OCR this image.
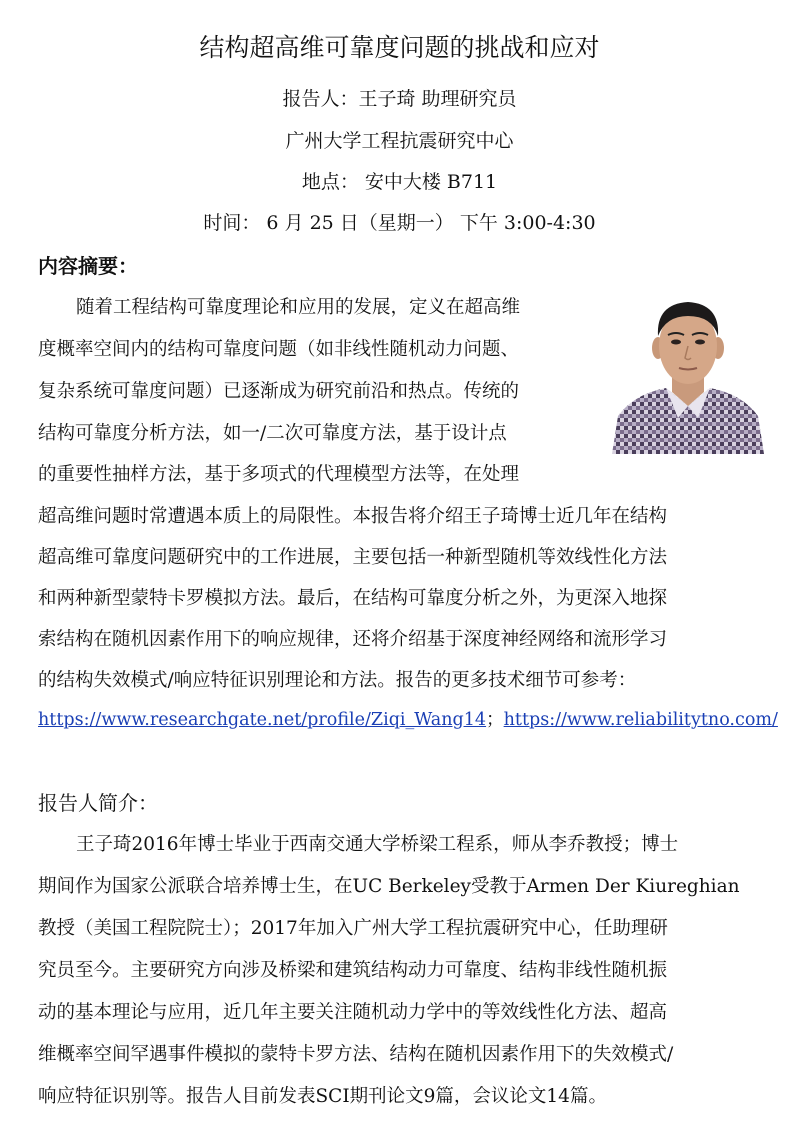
结构超高维可靠度问题的挑战和应对
报告人：王子琦 助理研究员
广州大学工程抗震研究中心
地点： 安中大楼 B711
时间： 6 月 25 日（星期一） 下午 3:00-4:30
内容摘要：
随着工程结构可靠度理论和应用的发展，定义在超高维
度概率空间内的结构可靠度问题（如非线性随机动力问题、
复杂系统可靠度问题）已逐渐成为研究前沿和热点。传统的
结构可靠度分析方法，如一/二次可靠度方法，基于设计点
的重要性抽样方法，基于多项式的代理模型方法等，在处理
超高维问题时常遭遇本质上的局限性。本报告将介绍王子琦博士近几年在结构
超高维可靠度问题研究中的工作进展，主要包括一种新型随机等效线性化方法
和两种新型蒙特卡罗模拟方法。最后，在结构可靠度分析之外，为更深入地探
索结构在随机因素作用下的响应规律，还将介绍基于深度神经网络和流形学习
的结构失效模式/响应特征识别理论和方法。报告的更多技术细节可参考：
https://www.researchgate.net/profile/Ziqi_Wang14；https://www.reliabilitytno.com/
报告人简介：
王子琦2016年博士毕业于西南交通大学桥梁工程系，师从李乔教授；博士
期间作为国家公派联合培养博士生，在UC Berkeley受教于Armen Der Kiureghian
教授（美国工程院院士）；2017年加入广州大学工程抗震研究中心，任助理研
究员至今。主要研究方向涉及桥梁和建筑结构动力可靠度、结构非线性随机振
动的基本理论与应用，近几年主要关注随机动力学中的等效线性化方法、超高
维概率空间罕遇事件模拟的蒙特卡罗方法、结构在随机因素作用下的失效模式/
响应特征识别等。报告人目前发表SCI期刊论文9篇，会议论文14篇。
